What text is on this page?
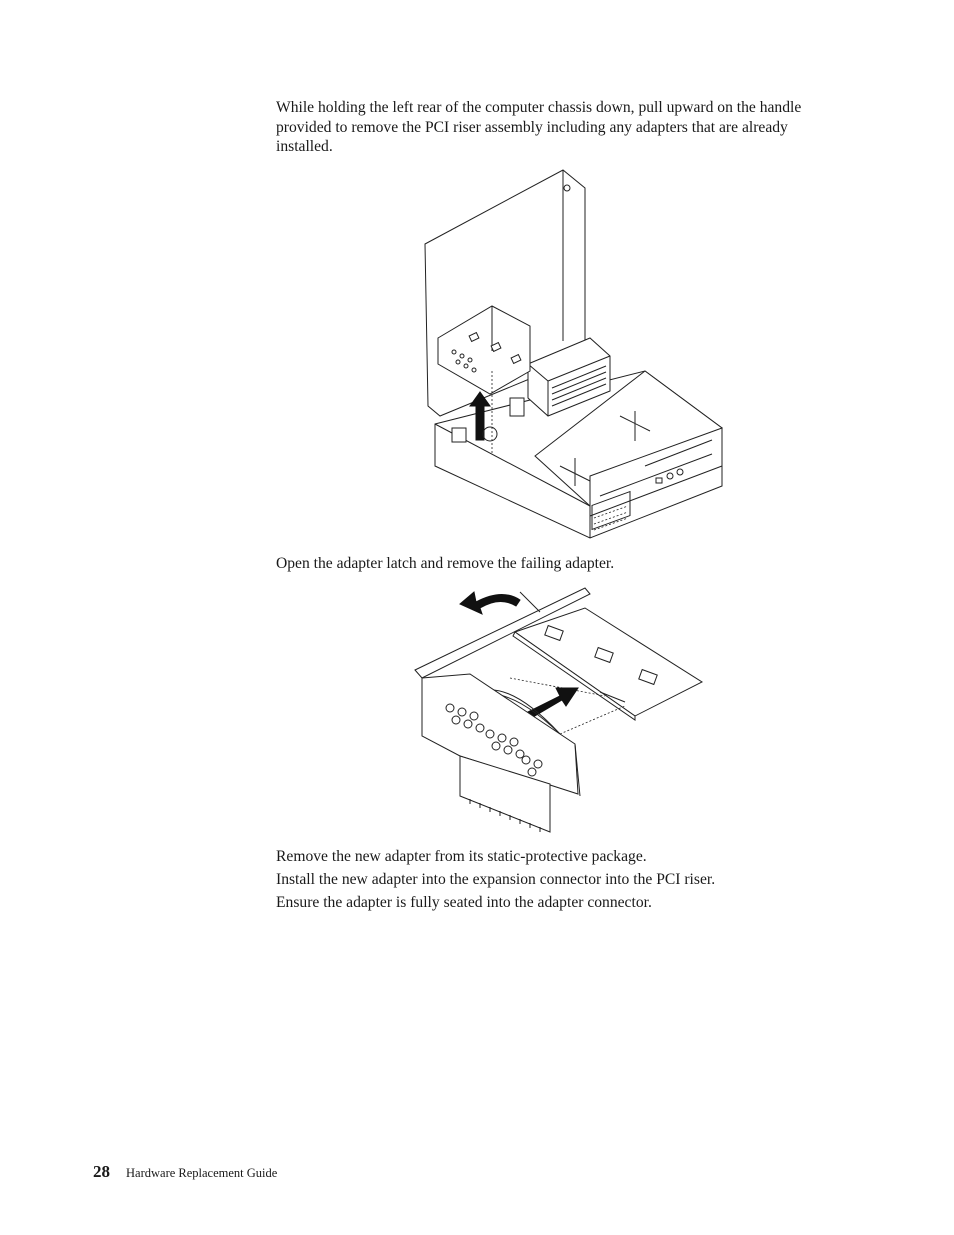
While holding the left rear of the computer chassis down, pull upward on the handle provided to remove the PCI riser assembly including any adapters that are already installed.

Open the adapter latch and remove the failing adapter.

Remove the new adapter from its static-protective package.

Install the new adapter into the expansion connector into the PCI riser.

Ensure the adapter is fully seated into the adapter connector.

28 Hardware Replacement Guide
